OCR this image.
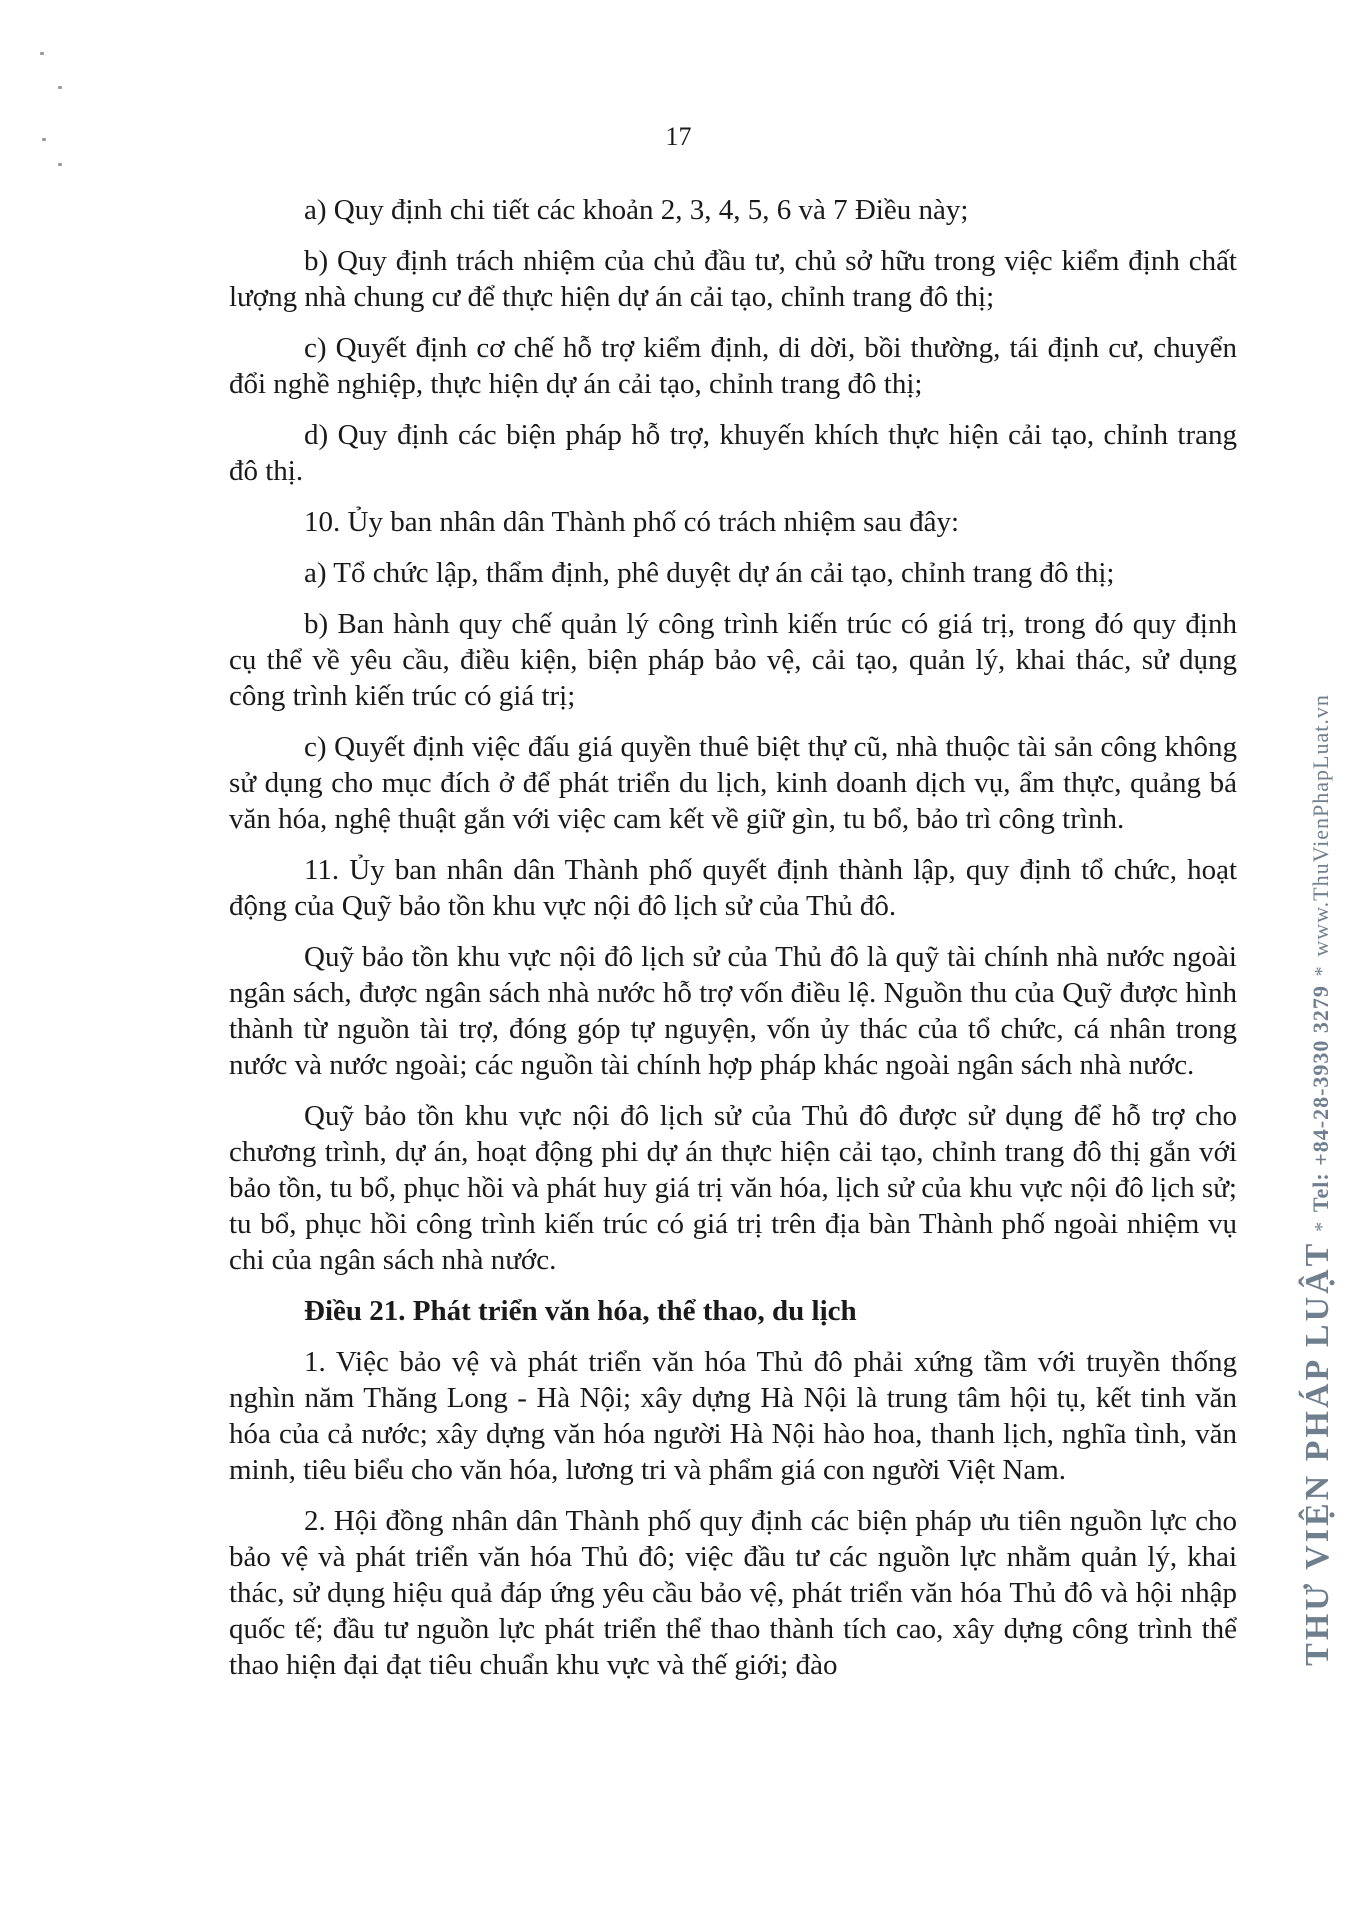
17

a) Quy định chi tiết các khoản 2, 3, 4, 5, 6 và 7 Điều này;

b) Quy định trách nhiệm của chủ đầu tư, chủ sở hữu trong việc kiểm định chất lượng nhà chung cư để thực hiện dự án cải tạo, chỉnh trang đô thị;

c) Quyết định cơ chế hỗ trợ kiểm định, di dời, bồi thường, tái định cư, chuyển đổi nghề nghiệp, thực hiện dự án cải tạo, chỉnh trang đô thị;

d) Quy định các biện pháp hỗ trợ, khuyến khích thực hiện cải tạo, chỉnh trang đô thị.

10. Ủy ban nhân dân Thành phố có trách nhiệm sau đây:

a) Tổ chức lập, thẩm định, phê duyệt dự án cải tạo, chỉnh trang đô thị;

b) Ban hành quy chế quản lý công trình kiến trúc có giá trị, trong đó quy định cụ thể về yêu cầu, điều kiện, biện pháp bảo vệ, cải tạo, quản lý, khai thác, sử dụng công trình kiến trúc có giá trị;

c) Quyết định việc đấu giá quyền thuê biệt thự cũ, nhà thuộc tài sản công không sử dụng cho mục đích ở để phát triển du lịch, kinh doanh dịch vụ, ẩm thực, quảng bá văn hóa, nghệ thuật gắn với việc cam kết về giữ gìn, tu bổ, bảo trì công trình.

11. Ủy ban nhân dân Thành phố quyết định thành lập, quy định tổ chức, hoạt động của Quỹ bảo tồn khu vực nội đô lịch sử của Thủ đô.

Quỹ bảo tồn khu vực nội đô lịch sử của Thủ đô là quỹ tài chính nhà nước ngoài ngân sách, được ngân sách nhà nước hỗ trợ vốn điều lệ. Nguồn thu của Quỹ được hình thành từ nguồn tài trợ, đóng góp tự nguyện, vốn ủy thác của tổ chức, cá nhân trong nước và nước ngoài; các nguồn tài chính hợp pháp khác ngoài ngân sách nhà nước.

Quỹ bảo tồn khu vực nội đô lịch sử của Thủ đô được sử dụng để hỗ trợ cho chương trình, dự án, hoạt động phi dự án thực hiện cải tạo, chỉnh trang đô thị gắn với bảo tồn, tu bổ, phục hồi và phát huy giá trị văn hóa, lịch sử của khu vực nội đô lịch sử; tu bổ, phục hồi công trình kiến trúc có giá trị trên địa bàn Thành phố ngoài nhiệm vụ chi của ngân sách nhà nước.

Điều 21. Phát triển văn hóa, thể thao, du lịch

1. Việc bảo vệ và phát triển văn hóa Thủ đô phải xứng tầm với truyền thống nghìn năm Thăng Long - Hà Nội; xây dựng Hà Nội là trung tâm hội tụ, kết tinh văn hóa của cả nước; xây dựng văn hóa người Hà Nội hào hoa, thanh lịch, nghĩa tình, văn minh, tiêu biểu cho văn hóa, lương tri và phẩm giá con người Việt Nam.

2. Hội đồng nhân dân Thành phố quy định các biện pháp ưu tiên nguồn lực cho bảo vệ và phát triển văn hóa Thủ đô; việc đầu tư các nguồn lực nhằm quản lý, khai thác, sử dụng hiệu quả đáp ứng yêu cầu bảo vệ, phát triển văn hóa Thủ đô và hội nhập quốc tế; đầu tư nguồn lực phát triển thể thao thành tích cao, xây dựng công trình thể thao hiện đại đạt tiêu chuẩn khu vực và thế giới; đào	THƯ VIỆN PHÁP LUẬT * Tel: +84-28-3930 3279 * www.ThuVienPhapLuat.vn
